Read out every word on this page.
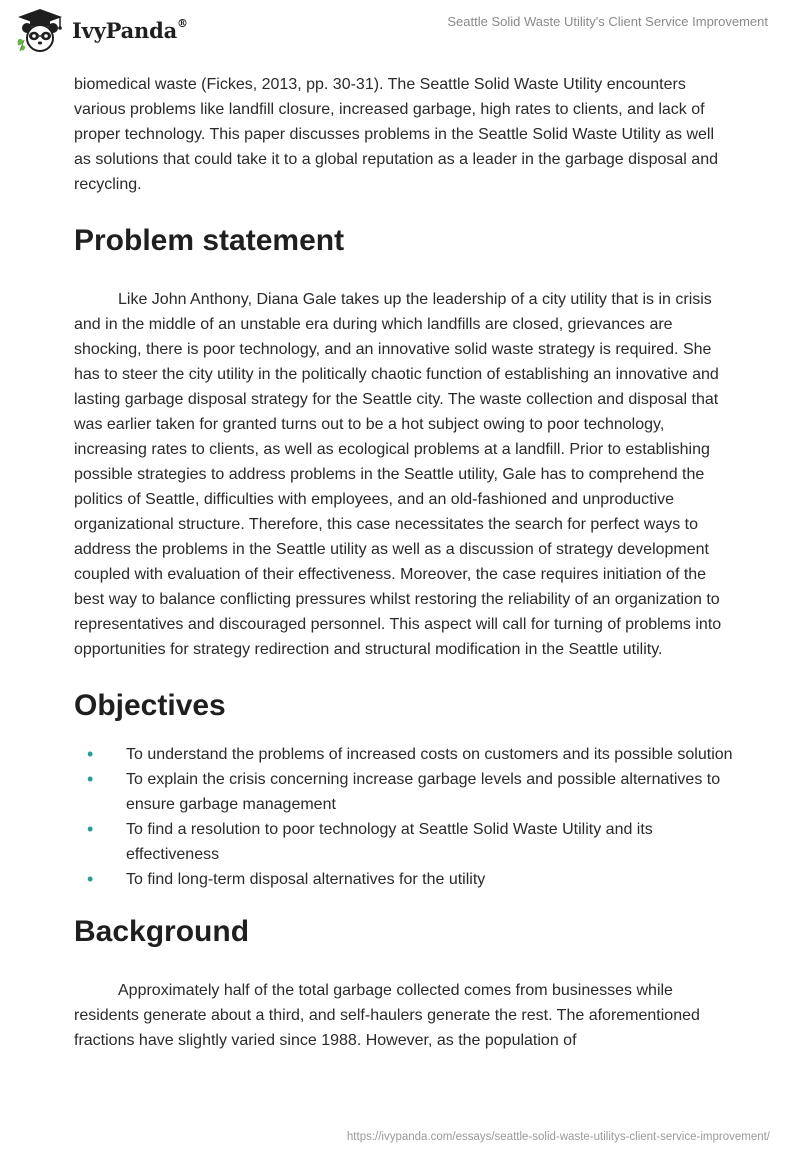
IvyPanda®	Seattle Solid Waste Utility's Client Service Improvement

biomedical waste (Fickes, 2013, pp. 30-31). The Seattle Solid Waste Utility encounters various problems like landfill closure, increased garbage, high rates to clients, and lack of proper technology. This paper discusses problems in the Seattle Solid Waste Utility as well as solutions that could take it to a global reputation as a leader in the garbage disposal and recycling.

Problem statement

Like John Anthony, Diana Gale takes up the leadership of a city utility that is in crisis and in the middle of an unstable era during which landfills are closed, grievances are shocking, there is poor technology, and an innovative solid waste strategy is required. She has to steer the city utility in the politically chaotic function of establishing an innovative and lasting garbage disposal strategy for the Seattle city. The waste collection and disposal that was earlier taken for granted turns out to be a hot subject owing to poor technology, increasing rates to clients, as well as ecological problems at a landfill. Prior to establishing possible strategies to address problems in the Seattle utility, Gale has to comprehend the politics of Seattle, difficulties with employees, and an old-fashioned and unproductive organizational structure. Therefore, this case necessitates the search for perfect ways to address the problems in the Seattle utility as well as a discussion of strategy development coupled with evaluation of their effectiveness. Moreover, the case requires initiation of the best way to balance conflicting pressures whilst restoring the reliability of an organization to representatives and discouraged personnel. This aspect will call for turning of problems into opportunities for strategy redirection and structural modification in the Seattle utility.

Objectives
• To understand the problems of increased costs on customers and its possible solution
• To explain the crisis concerning increase garbage levels and possible alternatives to ensure garbage management
• To find a resolution to poor technology at Seattle Solid Waste Utility and its effectiveness
• To find long-term disposal alternatives for the utility
Background

Approximately half of the total garbage collected comes from businesses while residents generate about a third, and self-haulers generate the rest. The aforementioned fractions have slightly varied since 1988. However, as the population of

https://ivypanda.com/essays/seattle-solid-waste-utilitys-client-service-improvement/
